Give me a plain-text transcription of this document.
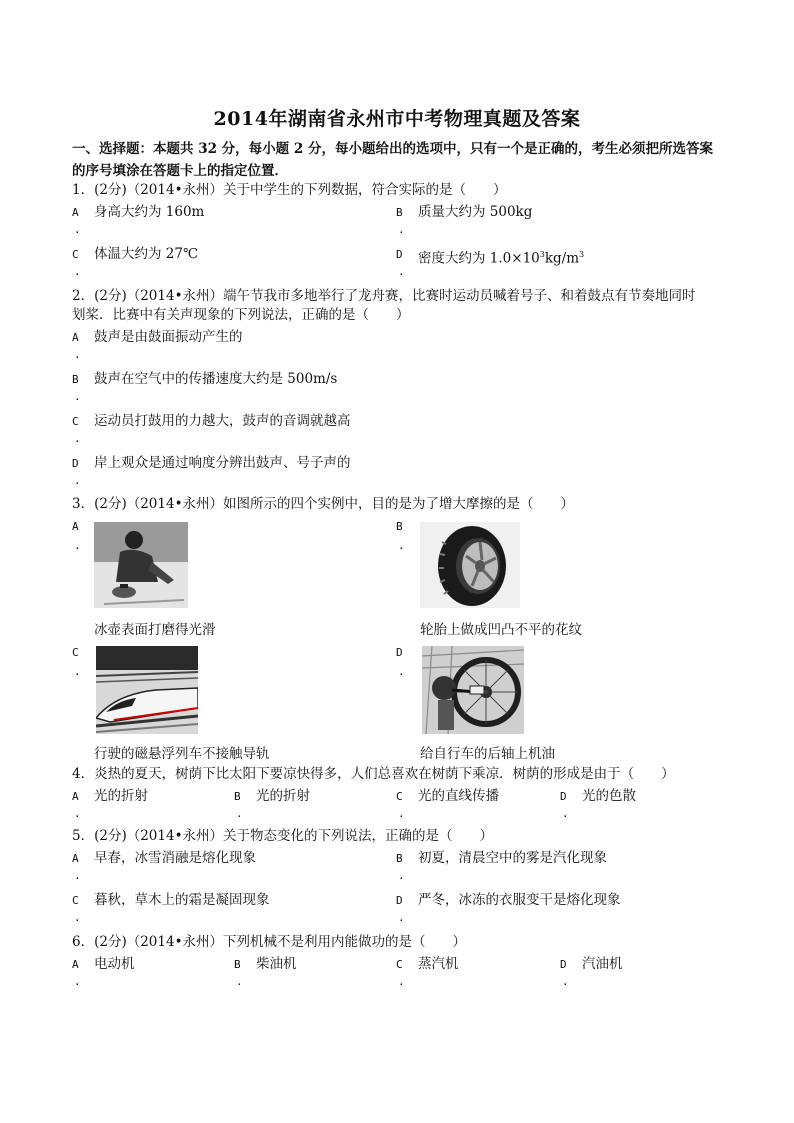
2014年湖南省永州市中考物理真题及答案
一、选择题：本题共 32 分，每小题 2 分，每小题给出的选项中，只有一个是正确的，考生必须把所选答案的序号填涂在答题卡上的指定位置．
1．(2分)（2014•永州）关于中学生的下列数据，符合实际的是（　　）
A
.
身高大约为 160m	B
.
质量大约为 500kg
C
.
体温大约为 27℃	D
.
密度大约为 $1.0\times 10^3kg/m^3$
2．(2分)（2014•永州）端午节我市多地举行了龙舟赛，比赛时运动员喊着号子、和着鼓点有节奏地同时
划桨．比赛中有关声现象的下列说法，正确的是（　　）
A
.
鼓声是由鼓面振动产生的
B
.
鼓声在空气中的传播速度大约是 500m/s
C
.
运动员打鼓用的力越大，鼓声的音调就越高
D
.
岸上观众是通过响度分辨出鼓声、号子声的
3．(2分)（2014•永州）如图所示的四个实例中，目的是为了增大摩擦的是（　　）
A
.
冰壶表面打磨得光滑
B
.
轮胎上做成凹凸不平的花纹
C
.
行驶的磁悬浮列车不接触导轨
D
.
给自行车的后轴上机油
4．炎热的夏天，树荫下比太阳下要凉快得多，人们总喜欢在树荫下乘凉．树荫的形成是由于（　　）
A
.
光的折射	B
.
光的折射	C
.
光的直线传播	D
.
光的色散
5．(2分)（2014•永州）关于物态变化的下列说法，正确的是（　　）
A
.
早春，冰雪消融是熔化现象	B
.
初夏，清晨空中的雾是汽化现象
C
.
暮秋，草木上的霜是凝固现象	D
.
严冬，冰冻的衣服变干是熔化现象
6．(2分)（2014•永州）下列机械不是利用内能做功的是（　　）
A
.
电动机	B
.
柴油机	C
.
蒸汽机	D
.
汽油机
